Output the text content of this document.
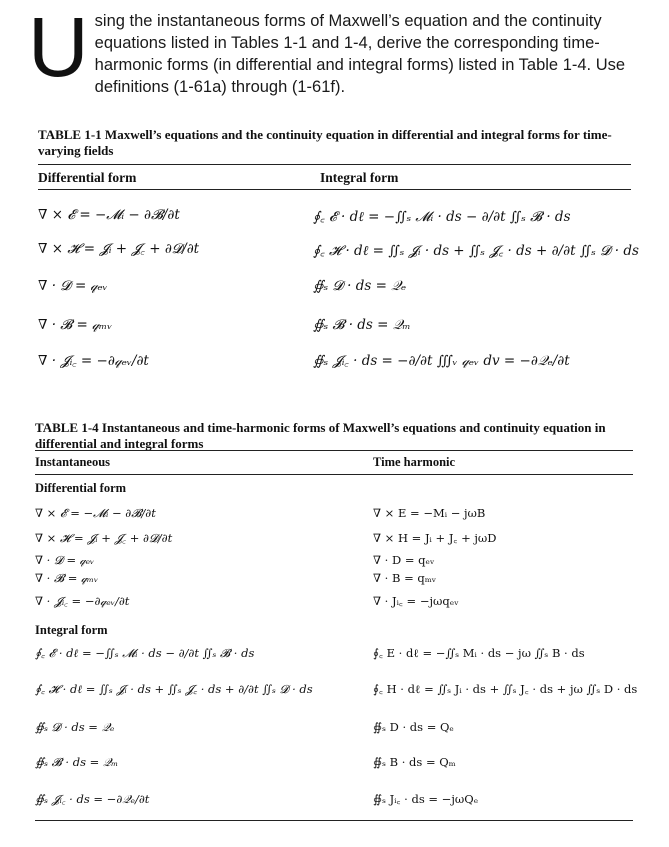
U sing the instantaneous forms of Maxwell’s equation and the continuity equations listed in Tables 1-1 and 1-4, derive the corresponding time-harmonic forms (in differential and integral forms) listed in Table 1-4. Use definitions (1-61a) through (1-61f).
TABLE 1-1 Maxwell’s equations and the continuity equation in differential and integral forms for time-varying fields
Differential form	Integral form
∇ × 𝓔 = −𝓜ᵢ − ∂𝓑/∂t
∇ × 𝓗 = 𝓙ᵢ + 𝓙꜀ + ∂𝓓/∂t
∇ · 𝓓 = 𝓆ₑᵥ
∇ · 𝓑 = 𝓆ₘᵥ
∇ · 𝓙ᵢ꜀ = −∂𝓆ₑᵥ/∂t
∮꜀ 𝓔 · dℓ = −∬ₛ 𝓜ᵢ · ds − ∂/∂t ∬ₛ 𝓑 · ds
∮꜀ 𝓗 · dℓ = ∬ₛ 𝓙ᵢ · ds + ∬ₛ 𝓙꜀ · ds + ∂/∂t ∬ₛ 𝓓 · ds
∯ₛ 𝓓 · ds = 𝒬ₑ
∯ₛ 𝓑 · ds = 𝒬ₘ
∯ₛ 𝓙ᵢ꜀ · ds = −∂/∂t ∭ᵥ 𝓆ₑᵥ dv = −∂𝒬ₑ/∂t
TABLE 1-4 Instantaneous and time-harmonic forms of Maxwell’s equations and continuity equation in differential and integral forms
Instantaneous	Time harmonic
Differential form
∇ × 𝓔 = −𝓜ᵢ − ∂𝓑/∂t
∇ × 𝓗 = 𝓙ᵢ + 𝓙꜀ + ∂𝓓/∂t
∇ · 𝓓 = 𝓆ₑᵥ
∇ · 𝓑 = 𝓆ₘᵥ
∇ · 𝓙ᵢ꜀ = −∂𝓆ₑᵥ/∂t
∇ × E = −Mᵢ − jωB
∇ × H = Jᵢ + J꜀ + jωD
∇ · D = qₑᵥ
∇ · B = qₘᵥ
∇ · Jᵢ꜀ = −jωqₑᵥ
Integral form
∮꜀ 𝓔 · dℓ = −∬ₛ 𝓜ᵢ · ds − ∂/∂t ∬ₛ 𝓑 · ds
∮꜀ 𝓗 · dℓ = ∬ₛ 𝓙ᵢ · ds + ∬ₛ 𝓙꜀ · ds + ∂/∂t ∬ₛ 𝓓 · ds
∯ₛ 𝓓 · ds = 𝒬ₑ
∯ₛ 𝓑 · ds = 𝒬ₘ
∯ₛ 𝓙ᵢ꜀ · ds = −∂𝒬ₑ/∂t
∮꜀ E · dℓ = −∬ₛ Mᵢ · ds − jω ∬ₛ B · ds
∮꜀ H · dℓ = ∬ₛ Jᵢ · ds + ∬ₛ J꜀ · ds + jω ∬ₛ D · ds
∯ₛ D · ds = Qₑ
∯ₛ B · ds = Qₘ
∯ₛ Jᵢ꜀ · ds = −jωQₑ
